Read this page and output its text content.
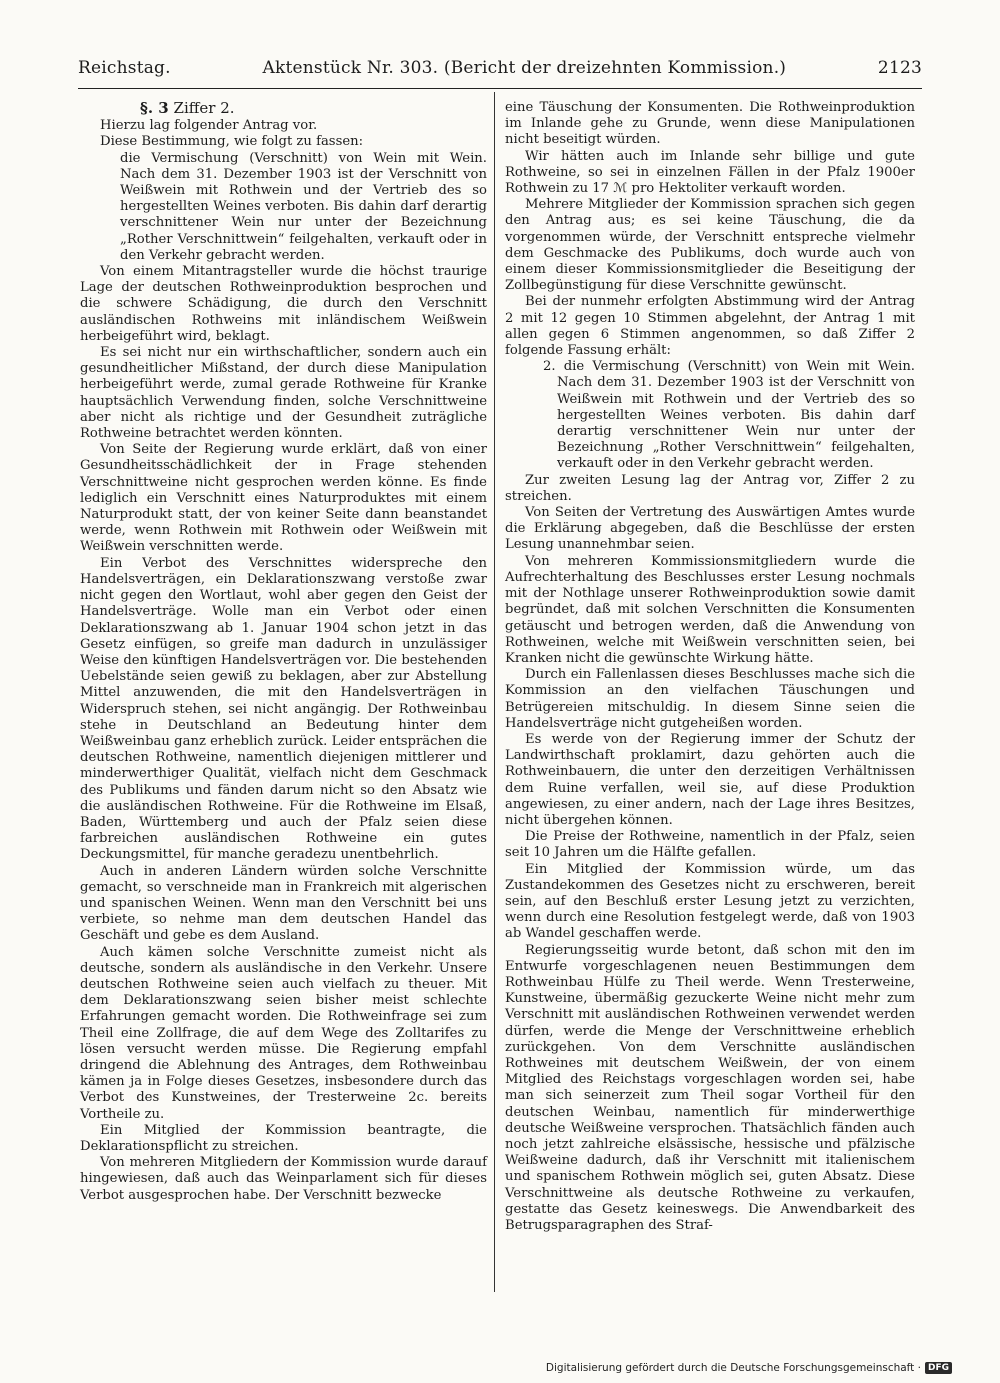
Reichstag.	Aktenstück Nr. 303. (Bericht der dreizehnten Kommission.)	2123
§. 3 Ziffer 2.

Hierzu lag folgender Antrag vor.

Diese Bestimmung, wie folgt zu fassen:

die Vermischung (Verschnitt) von Wein mit Wein. Nach dem 31. Dezember 1903 ist der Verschnitt von Weißwein mit Rothwein und der Vertrieb des so hergestellten Weines verboten. Bis dahin darf derartig verschnittener Wein nur unter der Bezeichnung „Rother Verschnittwein“ feilgehalten, verkauft oder in den Verkehr gebracht werden.

Von einem Mitantragsteller wurde die höchst traurige Lage der deutschen Rothweinproduktion besprochen und die schwere Schädigung, die durch den Verschnitt ausländischen Rothweins mit inländischem Weißwein herbeigeführt wird, beklagt.

Es sei nicht nur ein wirthschaftlicher, sondern auch ein gesundheitlicher Mißstand, der durch diese Manipulation herbeigeführt werde, zumal gerade Rothweine für Kranke hauptsächlich Verwendung finden, solche Verschnittweine aber nicht als richtige und der Gesundheit zuträgliche Rothweine betrachtet werden könnten.

Von Seite der Regierung wurde erklärt, daß von einer Gesundheitsschädlichkeit der in Frage stehenden Verschnittweine nicht gesprochen werden könne. Es finde lediglich ein Verschnitt eines Naturproduktes mit einem Naturprodukt statt, der von keiner Seite dann beanstandet werde, wenn Rothwein mit Rothwein oder Weißwein mit Weißwein verschnitten werde.

Ein Verbot des Verschnittes widerspreche den Handelsverträgen, ein Deklarationszwang verstoße zwar nicht gegen den Wortlaut, wohl aber gegen den Geist der Handelsverträge. Wolle man ein Verbot oder einen Deklarationszwang ab 1. Januar 1904 schon jetzt in das Gesetz einfügen, so greife man dadurch in unzulässiger Weise den künftigen Handelsverträgen vor. Die bestehenden Uebelstände seien gewiß zu beklagen, aber zur Abstellung Mittel anzuwenden, die mit den Handelsverträgen in Widerspruch stehen, sei nicht angängig. Der Rothweinbau stehe in Deutschland an Bedeutung hinter dem Weißweinbau ganz erheblich zurück. Leider entsprächen die deutschen Rothweine, namentlich diejenigen mittlerer und minderwerthiger Qualität, vielfach nicht dem Geschmack des Publikums und fänden darum nicht so den Absatz wie die ausländischen Rothweine. Für die Rothweine im Elsaß, Baden, Württemberg und auch der Pfalz seien diese farbreichen ausländischen Rothweine ein gutes Deckungsmittel, für manche geradezu unentbehrlich.

Auch in anderen Ländern würden solche Verschnitte gemacht, so verschneide man in Frankreich mit algerischen und spanischen Weinen. Wenn man den Verschnitt bei uns verbiete, so nehme man dem deutschen Handel das Geschäft und gebe es dem Ausland.

Auch kämen solche Verschnitte zumeist nicht als deutsche, sondern als ausländische in den Verkehr. Unsere deutschen Rothweine seien auch vielfach zu theuer. Mit dem Deklarationszwang seien bisher meist schlechte Erfahrungen gemacht worden. Die Rothweinfrage sei zum Theil eine Zollfrage, die auf dem Wege des Zolltarifes zu lösen versucht werden müsse. Die Regierung empfahl dringend die Ablehnung des Antrages, dem Rothweinbau kämen ja in Folge dieses Gesetzes, insbesondere durch das Verbot des Kunstweines, der Tresterweine 2c. bereits Vortheile zu.

Ein Mitglied der Kommission beantragte, die Deklarationspflicht zu streichen.

Von mehreren Mitgliedern der Kommission wurde darauf hingewiesen, daß auch das Weinparlament sich für dieses Verbot ausgesprochen habe. Der Verschnitt bezwecke

eine Täuschung der Konsumenten. Die Rothweinproduktion im Inlande gehe zu Grunde, wenn diese Manipulationen nicht beseitigt würden.

Wir hätten auch im Inlande sehr billige und gute Rothweine, so sei in einzelnen Fällen in der Pfalz 1900er Rothwein zu 17 ℳ pro Hektoliter verkauft worden.

Mehrere Mitglieder der Kommission sprachen sich gegen den Antrag aus; es sei keine Täuschung, die da vorgenommen würde, der Verschnitt entspreche vielmehr dem Geschmacke des Publikums, doch wurde auch von einem dieser Kommissionsmitglieder die Beseitigung der Zollbegünstigung für diese Verschnitte gewünscht.

Bei der nunmehr erfolgten Abstimmung wird der Antrag 2 mit 12 gegen 10 Stimmen abgelehnt, der Antrag 1 mit allen gegen 6 Stimmen angenommen, so daß Ziffer 2 folgende Fassung erhält:

2. die Vermischung (Verschnitt) von Wein mit Wein. Nach dem 31. Dezember 1903 ist der Verschnitt von Weißwein mit Rothwein und der Vertrieb des so hergestellten Weines verboten. Bis dahin darf derartig verschnittener Wein nur unter der Bezeichnung „Rother Verschnittwein“ feilgehalten, verkauft oder in den Verkehr gebracht werden.

Zur zweiten Lesung lag der Antrag vor, Ziffer 2 zu streichen.

Von Seiten der Vertretung des Auswärtigen Amtes wurde die Erklärung abgegeben, daß die Beschlüsse der ersten Lesung unannehmbar seien.

Von mehreren Kommissionsmitgliedern wurde die Aufrechterhaltung des Beschlusses erster Lesung nochmals mit der Nothlage unserer Rothweinproduktion sowie damit begründet, daß mit solchen Verschnitten die Konsumenten getäuscht und betrogen werden, daß die Anwendung von Rothweinen, welche mit Weißwein verschnitten seien, bei Kranken nicht die gewünschte Wirkung hätte.

Durch ein Fallenlassen dieses Beschlusses mache sich die Kommission an den vielfachen Täuschungen und Betrügereien mitschuldig. In diesem Sinne seien die Handelsverträge nicht gutgeheißen worden.

Es werde von der Regierung immer der Schutz der Landwirthschaft proklamirt, dazu gehörten auch die Rothweinbauern, die unter den derzeitigen Verhältnissen dem Ruine verfallen, weil sie, auf diese Produktion angewiesen, zu einer andern, nach der Lage ihres Besitzes, nicht übergehen können.

Die Preise der Rothweine, namentlich in der Pfalz, seien seit 10 Jahren um die Hälfte gefallen.

Ein Mitglied der Kommission würde, um das Zustandekommen des Gesetzes nicht zu erschweren, bereit sein, auf den Beschluß erster Lesung jetzt zu verzichten, wenn durch eine Resolution festgelegt werde, daß von 1903 ab Wandel geschaffen werde.

Regierungsseitig wurde betont, daß schon mit den im Entwurfe vorgeschlagenen neuen Bestimmungen dem Rothweinbau Hülfe zu Theil werde. Wenn Tresterweine, Kunstweine, übermäßig gezuckerte Weine nicht mehr zum Verschnitt mit ausländischen Rothweinen verwendet werden dürfen, werde die Menge der Verschnittweine erheblich zurückgehen. Von dem Verschnitte ausländischen Rothweines mit deutschem Weißwein, der von einem Mitglied des Reichstags vorgeschlagen worden sei, habe man sich seinerzeit zum Theil sogar Vortheil für den deutschen Weinbau, namentlich für minderwerthige deutsche Weißweine versprochen. Thatsächlich fänden auch noch jetzt zahlreiche elsässische, hessische und pfälzische Weißweine dadurch, daß ihr Verschnitt mit italienischem und spanischem Rothwein möglich sei, guten Absatz. Diese Verschnittweine als deutsche Rothweine zu verkaufen, gestatte das Gesetz keineswegs. Die Anwendbarkeit des Betrugsparagraphen des Straf-

Digitalisierung gefördert durch die Deutsche Forschungsgemeinschaft · DFG
